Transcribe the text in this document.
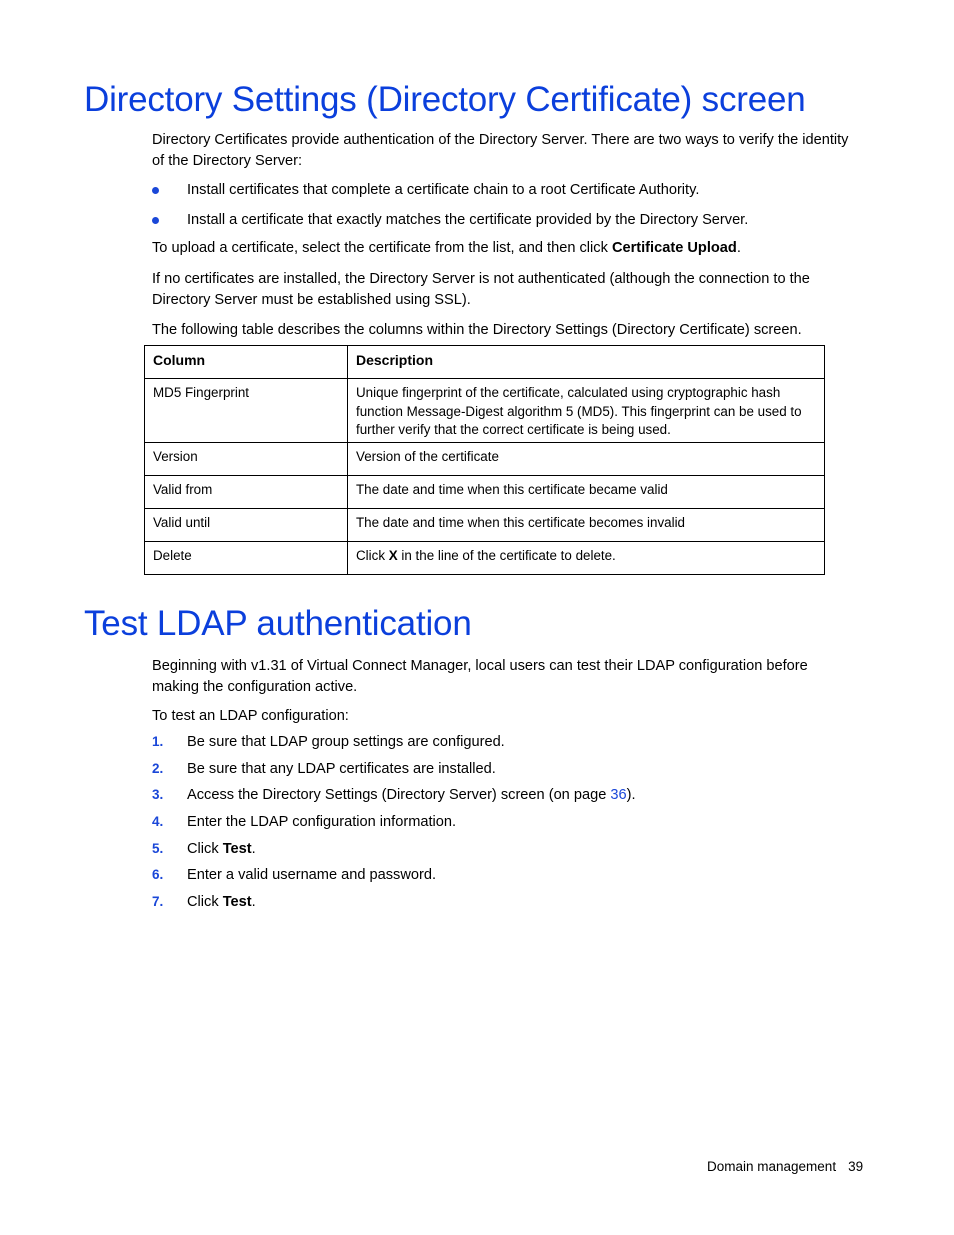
Directory Settings (Directory Certificate) screen

Directory Certificates provide authentication of the Directory Server. There are two ways to verify the identity of the Directory Server:

Install certificates that complete a certificate chain to a root Certificate Authority.
Install a certificate that exactly matches the certificate provided by the Directory Server.

To upload a certificate, select the certificate from the list, and then click Certificate Upload.

If no certificates are installed, the Directory Server is not authenticated (although the connection to the Directory Server must be established using SSL).

The following table describes the columns within the Directory Settings (Directory Certificate) screen.

Column	Description
MD5 Fingerprint	Unique fingerprint of the certificate, calculated using cryptographic hash function Message-Digest algorithm 5 (MD5). This fingerprint can be used to further verify that the correct certificate is being used.
Version	Version of the certificate
Valid from	The date and time when this certificate became valid
Valid until	The date and time when this certificate becomes invalid
Delete	Click X in the line of the certificate to delete.
Test LDAP authentication

Beginning with v1.31 of Virtual Connect Manager, local users can test their LDAP configuration before making the configuration active.

To test an LDAP configuration:

1. Be sure that LDAP group settings are configured.
2. Be sure that any LDAP certificates are installed.
3. Access the Directory Settings (Directory Server) screen (on page 36).
4. Enter the LDAP configuration information.
5. Click Test.
6. Enter a valid username and password.
7. Click Test.
Domain management 39
